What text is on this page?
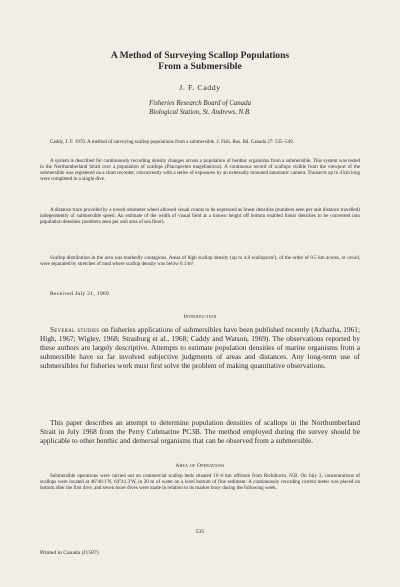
A Method of Surveying Scallop Populations
From a Submersible
J. F. Caddy
Fisheries Research Board of Canada
Biological Station, St. Andrews, N.B.
Caddy, J. F. 1970. A method of surveying scallop populations from a submersible. J. Fish. Res. Bd. Canada 27: 535–549.
A system is described for continuously recording density changes across a population of benthic organisms from a submersible. This system was tested in the Northumberland Strait over a population of scallops (Placopecten magellanicus). A continuous record of scallops visible from the viewport of the submersible was registered on a chart recorder, concurrently with a series of exposures by an externally mounted automatic camera. Transects up to 4 km long were completed in a single dive.
A distance trace provided by a towed odometer wheel allowed visual counts to be expressed as linear densities (numbers seen per unit distance travelled) independently of submersible speed. An estimate of the width of visual field at a known height off bottom enabled linear densities to be converted into population densities (numbers seen per unit area of sea floor).
Scallop distribution in the area was markedly contagious. Areas of high scallop density (up to 4.8 scallops/m²), of the order of 0.5 km across, or ovoid, were separated by stretches of mud where scallop density was below 0.1/m².
Received July 21, 1969
Introduction
Several studies on fisheries applications of submersibles have been published recently (Azhazha, 1961; High, 1967; Wigley, 1968; Strasburg et al., 1968; Caddy and Watson, 1969). The observations reported by these authors are largely descriptive. Attempts to estimate population densities of marine organisms from a submersible have so far involved subjective judgments of areas and distances. Any long-term use of submersibles for fisheries work must first solve the problem of making quantitative observations.
This paper describes an attempt to determine population densities of scallops in the Northumberland Strait in July 1968 from the Perry Cubmarine PC3B. The method employed during the survey should be applicable to other benthic and demersal organisms that can be observed from a submersible.
Area of Operations
Submersible operations were carried out on commercial scallop beds situated 16–6 km offshore from Richibucto, N.B. On July 3, concentrations of scallops were located at 46°48.1′N, 64°41.3′W, in 20 m of water on a level bottom of fine sediment. A continuously recording current meter was placed on bottom after the first dive, and seven more dives were made in relation to its marker buoy during the following week.
535
Printed in Canada (J1587)
